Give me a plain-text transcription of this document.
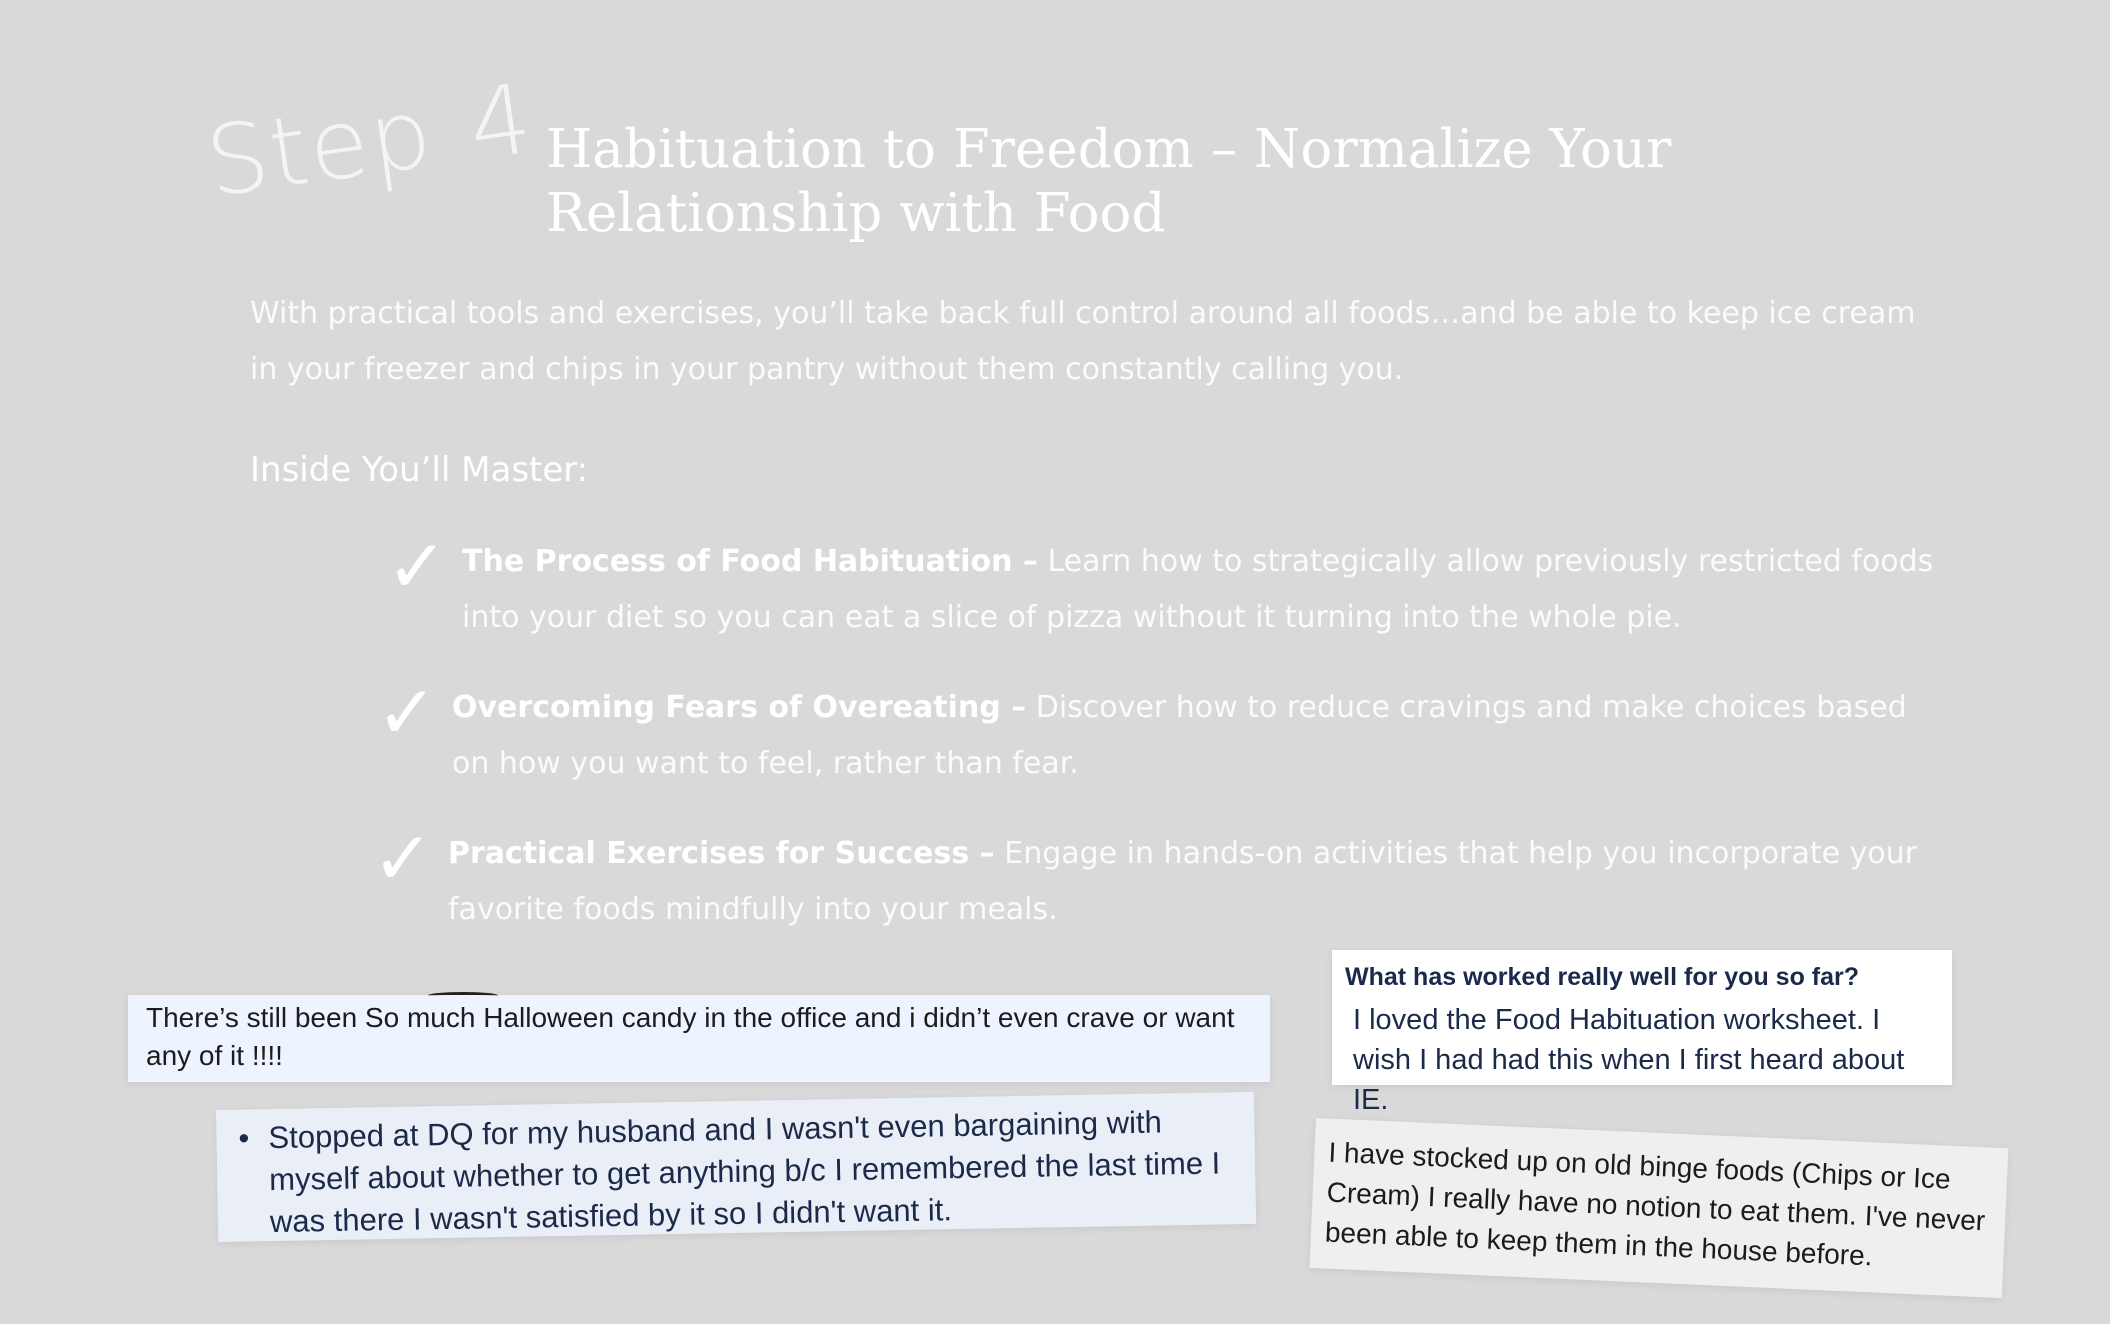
Step 4 Habituation to Freedom – Normalize Your Relationship with Food
With practical tools and exercises, you’ll take back full control around all foods…and be able to keep ice cream in your freezer and chips in your pantry without them constantly calling you.
Inside You’ll Master:
✓ The Process of Food Habituation – Learn how to strategically allow previously restricted foods into your diet so you can eat a slice of pizza without it turning into the whole pie.
✓ Overcoming Fears of Overeating – Discover how to reduce cravings and make choices based on how you want to feel, rather than fear.
✓ Practical Exercises for Success – Engage in hands-on activities that help you incorporate your favorite foods mindfully into your meals.
There’s still been So much Halloween candy in the office and i didn’t even crave or want any of it !!!!
What has worked really well for you so far?
I loved the Food Habituation worksheet. I wish I had had this when I first heard about IE.
• Stopped at DQ for my husband and I wasn't even bargaining with myself about whether to get anything b/c I remembered the last time I was there I wasn't satisfied by it so I didn't want it.
I have stocked up on old binge foods (Chips or Ice Cream) I really have no notion to eat them. I've never been able to keep them in the house before.
